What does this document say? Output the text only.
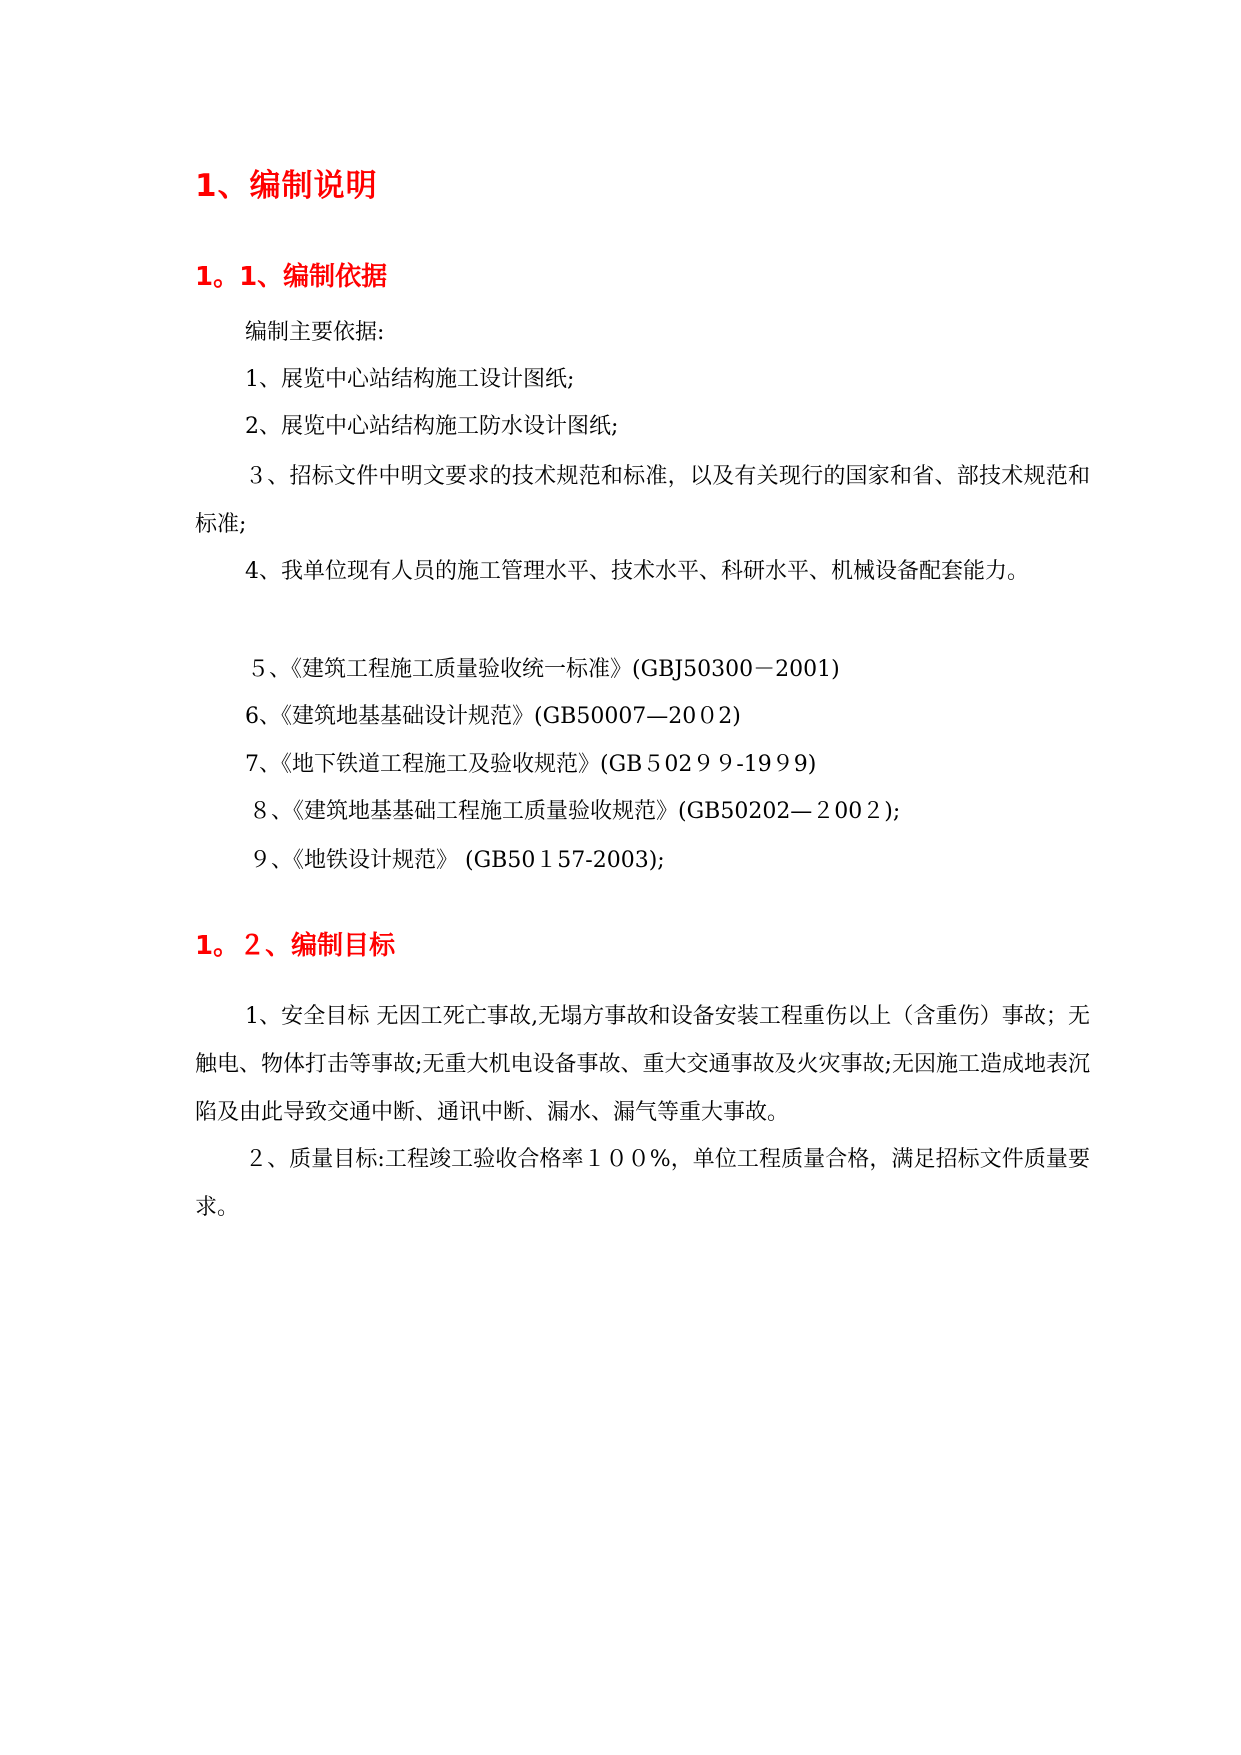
1、编制说明
1。1、编制依据
编制主要依据:
1、展览中心站结构施工设计图纸;
2、展览中心站结构施工防水设计图纸;
３、招标文件中明文要求的技术规范和标准，以及有关现行的国家和省、部技术规范和标准;
4、我单位现有人员的施工管理水平、技术水平、科研水平、机械设备配套能力。
５、《建筑工程施工质量验收统一标准》(GBJ50300－2001)
6、《建筑地基基础设计规范》(GB50007—20０2)
7、《地下铁道工程施工及验收规范》(GB５02９９-19９9)
８、《建筑地基基础工程施工质量验收规范》(GB50202—２00２);
９、《地铁设计规范》 (GB50１57-2003);
1。２、编制目标
1、安全目标 无因工死亡事故,无塌方事故和设备安装工程重伤以上（含重伤）事故；无触电、物体打击等事故;无重大机电设备事故、重大交通事故及火灾事故;无因施工造成地表沉陷及由此导致交通中断、通讯中断、漏水、漏气等重大事故。
２、质量目标:工程竣工验收合格率１００%，单位工程质量合格，满足招标文件质量要求。
